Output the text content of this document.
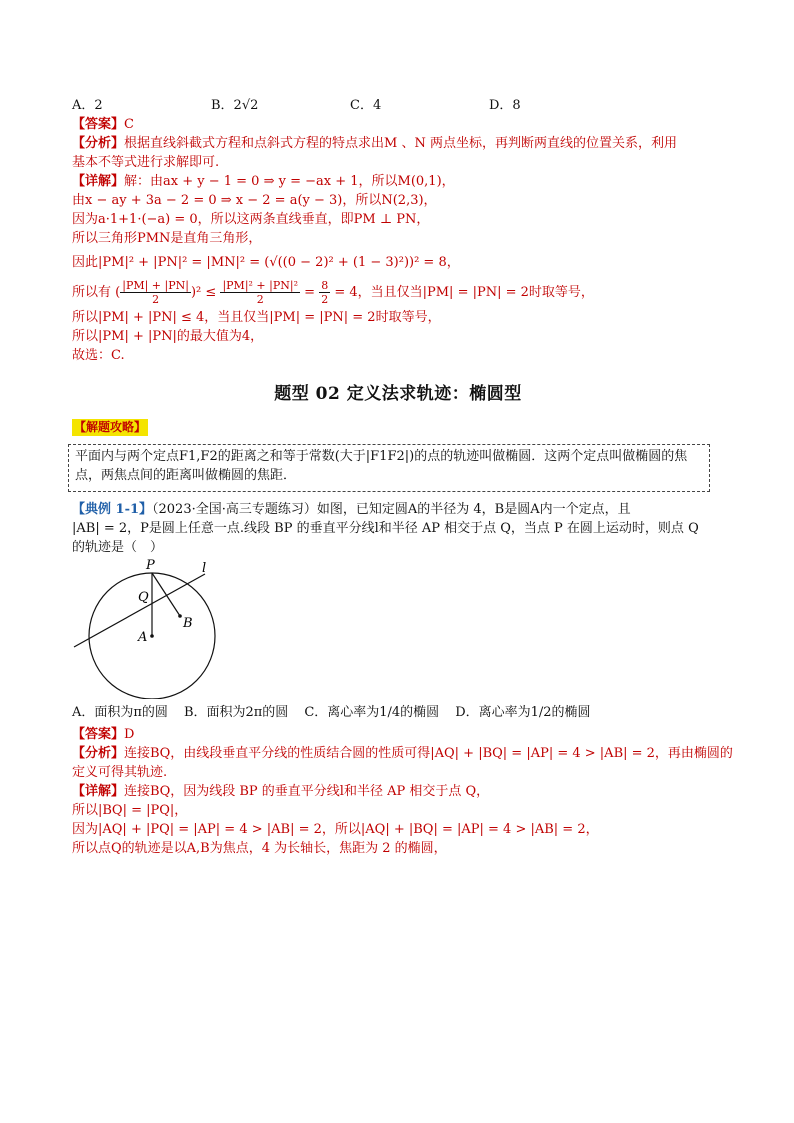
A．2	B．2√2	C．4	D．8
【答案】C
【分析】根据直线斜截式方程和点斜式方程的特点求出M 、N 两点坐标，再判断两直线的位置关系，利用
基本不等式进行求解即可.
【详解】解：由ax + y − 1 = 0 ⇒ y = −ax + 1，所以M(0,1)，
由x − ay + 3a − 2 = 0 ⇒ x − 2 = a(y − 3)，所以N(2,3)，
因为a·1+1·(−a) = 0，所以这两条直线垂直，即PM ⊥ PN，
所以三角形PMN是直角三角形，
因此|PM|² + |PN|² = |MN|² = (√((0 − 2)² + (1 − 3)²))² = 8，
所以有 ( $\frac{|PM| + |PN|}{2} )^2 \le \frac{\text{|PM|² + |PN|²}}{2} = \frac{8}{2} = 4$，当且仅当|PM| = |PN| = 2时取等号，
所以|PM| + |PN| ≤ 4，当且仅当|PM| = |PN| = 2时取等号，
所以|PM| + |PN|的最大值为4，
故选：C.
题型 02 定义法求轨迹：椭圆型
【解题攻略】
平面内与两个定点F1,F2的距离之和等于常数(大于|F1F2|)的点的轨迹叫做椭圆．这两个定点叫做椭圆的焦点，两焦点间的距离叫做椭圆的焦距．
【典例 1-1】（2023·全国·高三专题练习）如图，已知定圆A的半径为 4，B是圆A内一个定点，且
|AB| = 2，P是圆上任意一点.线段 BP 的垂直平分线l和半径 AP 相交于点 Q，当点 P 在圆上运动时，则点 Q
的轨迹是（　）
P
Q
B
A
l
A．面积为π的圆 B．面积为2π的圆 C．离心率为1/4的椭圆 D．离心率为1/2的椭圆
【答案】D
【分析】连接BQ，由线段垂直平分线的性质结合圆的性质可得|AQ| + |BQ| = |AP| = 4 > |AB| = 2，再由椭圆的
定义可得其轨迹.
【详解】连接BQ，因为线段 BP 的垂直平分线l和半径 AP 相交于点 Q，
所以|BQ| = |PQ|，
因为|AQ| + |PQ| = |AP| = 4 > |AB| = 2，所以|AQ| + |BQ| = |AP| = 4 > |AB| = 2，
所以点Q的轨迹是以A,B为焦点，4 为长轴长，焦距为 2 的椭圆，
